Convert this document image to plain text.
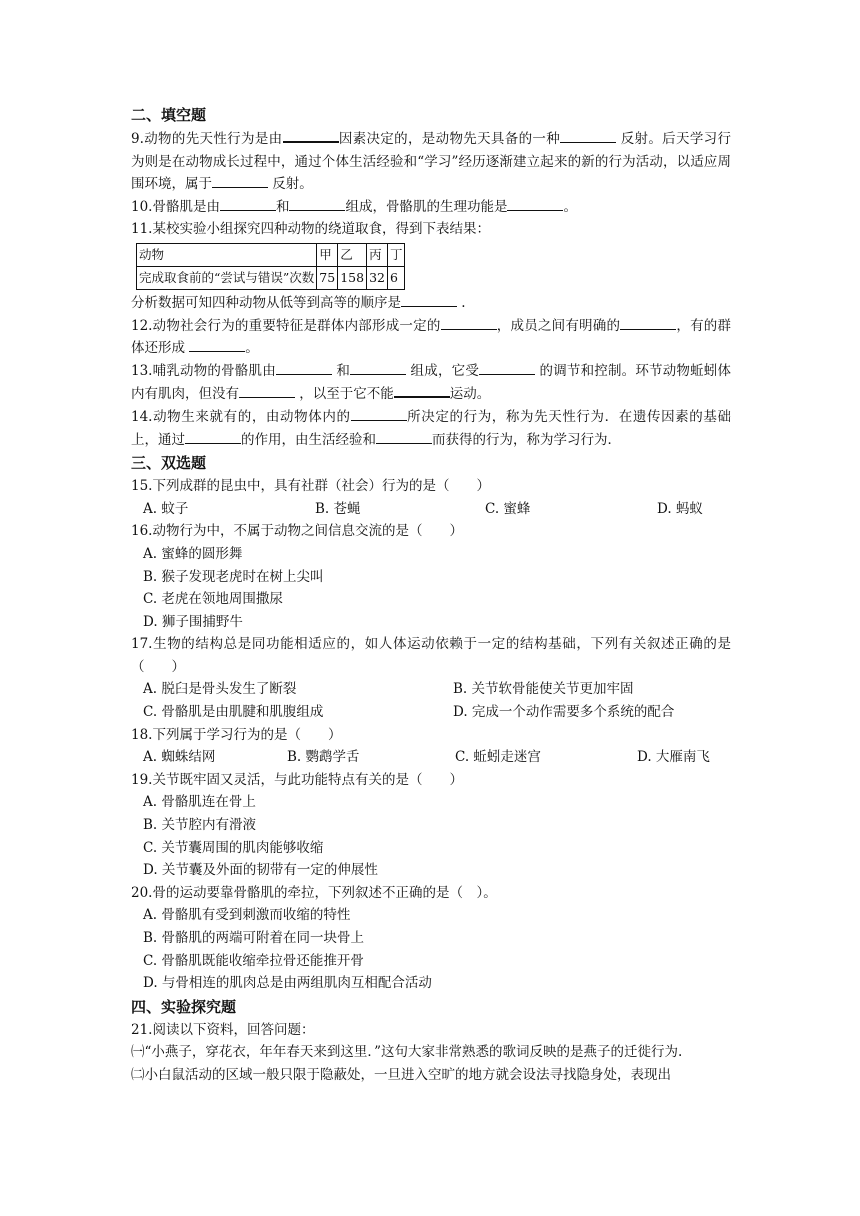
二、填空题
9.动物的先天性行为是由	因素决定的，是动物先天具备的一种	反射。后天学习行为则是在动物成长过程中，通过个体生活经验和“学习”经历逐渐建立起来的新的行为活动，以适应周围环境，属于	反射。
10.骨骼肌是由	和	组成，骨骼肌的生理功能是	。
11.某校实验小组探究四种动物的绕道取食，得到下表结果：
动物	甲	乙	丙	丁
完成取食前的“尝试与错误”次数	75	158	32	6
分析数据可知四种动物从低等到高等的顺序是	.
12.动物社会行为的重要特征是群体内部形成一定的	，成员之间有明确的	，有的群体还形成	。
13.哺乳动物的骨骼肌由	和	组成，它受	的调节和控制。环节动物蚯蚓体内有肌肉，但没有	，以至于它不能	运动。
14.动物生来就有的，由动物体内的	所决定的行为，称为先天性行为．在遗传因素的基础上，通过	的作用，由生活经验和	而获得的行为，称为学习行为．
三、双选题
15.下列成群的昆虫中，具有社群（社会）行为的是（　　）
A. 蚊子	B. 苍蝇	C. 蜜蜂	D. 蚂蚁
16.动物行为中，不属于动物之间信息交流的是（　　）
A. 蜜蜂的圆形舞
B. 猴子发现老虎时在树上尖叫
C. 老虎在领地周围撒尿
D. 狮子围捕野牛
17.生物的结构总是同功能相适应的，如人体运动依赖于一定的结构基础，下列有关叙述正确的是（　　）
A. 脱臼是骨头发生了断裂	B. 关节软骨能使关节更加牢固
C. 骨骼肌是由肌腱和肌腹组成	D. 完成一个动作需要多个系统的配合
18.下列属于学习行为的是（　　）
A. 蜘蛛结网	B. 鹦鹉学舌	C. 蚯蚓走迷宫	D. 大雁南飞
19.关节既牢固又灵活，与此功能特点有关的是（　　）
A. 骨骼肌连在骨上
B. 关节腔内有滑液
C. 关节囊周围的肌肉能够收缩
D. 关节囊及外面的韧带有一定的伸展性
20.骨的运动要靠骨骼肌的牵拉，下列叙述不正确的是（　）。
A. 骨骼肌有受到刺激而收缩的特性
B. 骨骼肌的两端可附着在同一块骨上
C. 骨骼肌既能收缩牵拉骨还能推开骨
D. 与骨相连的肌肉总是由两组肌肉互相配合活动
四、实验探究题
21.阅读以下资料，回答问题：
㈠“小燕子，穿花衣，年年春天来到这里．”这句大家非常熟悉的歌词反映的是燕子的迁徙行为.
㈡小白鼠活动的区域一般只限于隐蔽处，一旦进入空旷的地方就会设法寻找隐身处，表现出
